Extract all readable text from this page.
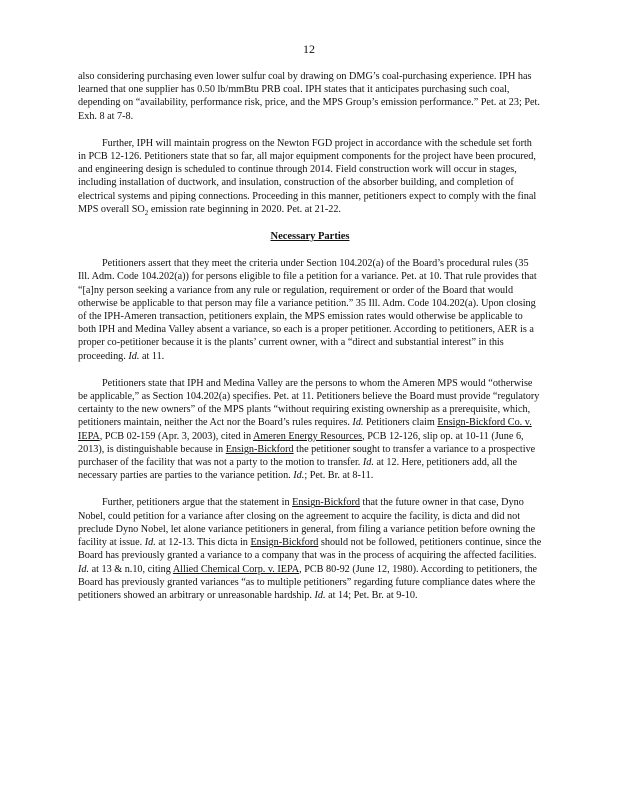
12

also considering purchasing even lower sulfur coal by drawing on DMG’s coal-purchasing experience. IPH has learned that one supplier has 0.50 lb/mmBtu PRB coal. IPH states that it anticipates purchasing such coal, depending on “availability, performance risk, price, and the MPS Group’s emission performance.” Pet. at 23; Pet. Exh. 8 at 7-8.

Further, IPH will maintain progress on the Newton FGD project in accordance with the schedule set forth in PCB 12-126. Petitioners state that so far, all major equipment components for the project have been procured, and engineering design is scheduled to continue through 2014. Field construction work will occur in stages, including installation of ductwork, and insulation, construction of the absorber building, and completion of electrical systems and piping connections. Proceeding in this manner, petitioners expect to comply with the final MPS overall $SO_2$ emission rate beginning in 2020. Pet. at 21-22.

Necessary Parties

Petitioners assert that they meet the criteria under Section 104.202(a) of the Board’s procedural rules (35 Ill. Adm. Code 104.202(a)) for persons eligible to file a petition for a variance. Pet. at 10. That rule provides that “[a]ny person seeking a variance from any rule or regulation, requirement or order of the Board that would otherwise be applicable to that person may file a variance petition.” 35 Ill. Adm. Code 104.202(a). Upon closing of the IPH-Ameren transaction, petitioners explain, the MPS emission rates would otherwise be applicable to both IPH and Medina Valley absent a variance, so each is a proper petitioner. According to petitioners, AER is a proper co-petitioner because it is the plants’ current owner, with a “direct and substantial interest” in this proceeding. Id. at 11.

Petitioners state that IPH and Medina Valley are the persons to whom the Ameren MPS would “otherwise be applicable,” as Section 104.202(a) specifies. Pet. at 11. Petitioners believe the Board must provide “regulatory certainty to the new owners” of the MPS plants “without requiring existing ownership as a prerequisite, which, petitioners maintain, neither the Act nor the Board’s rules requires. Id. Petitioners claim Ensign-Bickford Co. v. IEPA, PCB 02-159 (Apr. 3, 2003), cited in Ameren Energy Resources, PCB 12-126, slip op. at 10-11 (June 6, 2013), is distinguishable because in Ensign-Bickford the petitioner sought to transfer a variance to a prospective purchaser of the facility that was not a party to the motion to transfer. Id. at 12. Here, petitioners add, all the necessary parties are parties to the variance petition. Id.; Pet. Br. at 8-11.

Further, petitioners argue that the statement in Ensign-Bickford that the future owner in that case, Dyno Nobel, could petition for a variance after closing on the agreement to acquire the facility, is dicta and did not preclude Dyno Nobel, let alone variance petitioners in general, from filing a variance petition before owning the facility at issue. Id. at 12-13. This dicta in Ensign-Bickford should not be followed, petitioners continue, since the Board has previously granted a variance to a company that was in the process of acquiring the affected facilities. Id. at 13 & n.10, citing Allied Chemical Corp. v. IEPA, PCB 80-92 (June 12, 1980). According to petitioners, the Board has previously granted variances “as to multiple petitioners” regarding future compliance dates where the petitioners showed an arbitrary or unreasonable hardship. Id. at 14; Pet. Br. at 9-10.
